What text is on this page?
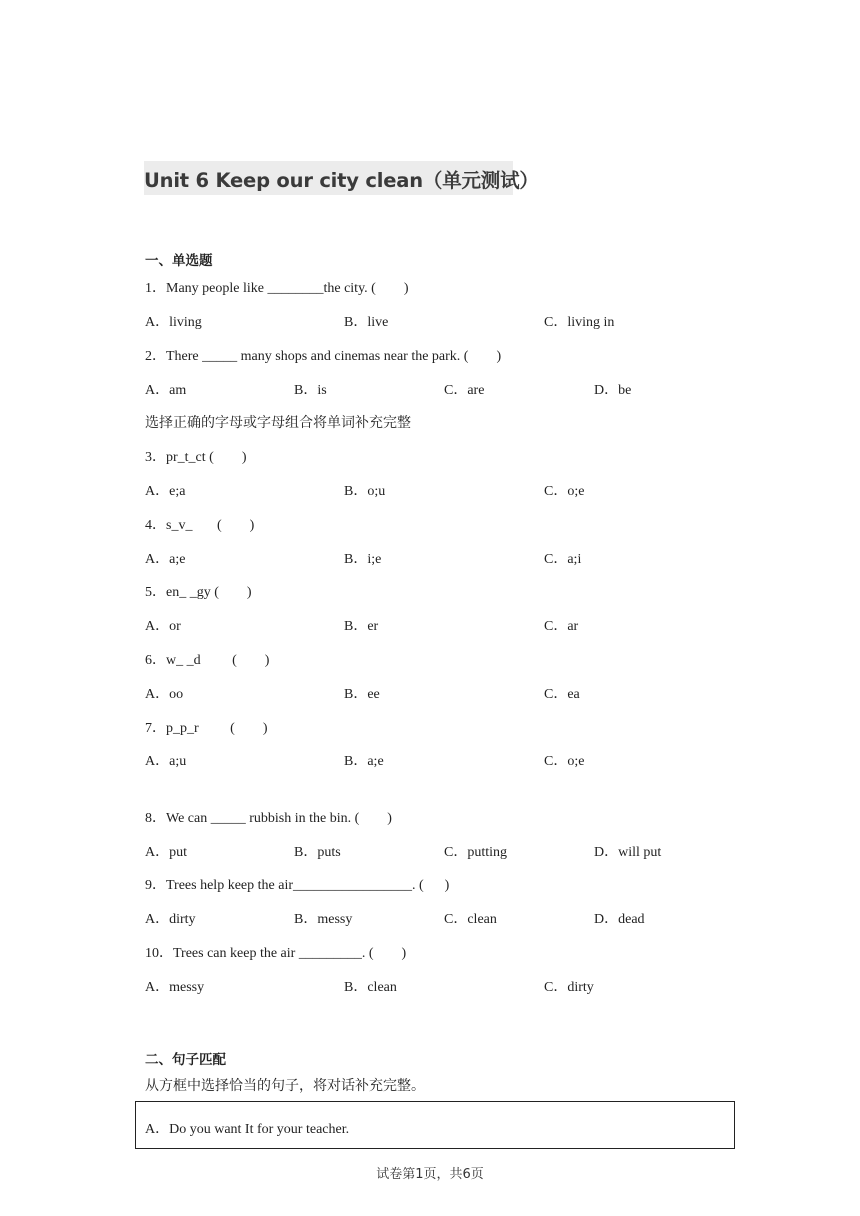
Unit 6 Keep our city clean（单元测试）
一、单选题
1．Many people like ________the city. (        )
A．living	B．live	C．living in
2．There _____ many shops and cinemas near the park. (        )
A．am	B．is	C．are	D．be
选择正确的字母或字母组合将单词补充完整
3．pr_t_ct (        )
A．e;a	B．o;u	C．o;e
4．s_v_       (        )
A．a;e	B．i;e	C．a;i
5．en_ _gy (        )
A．or	B．er	C．ar
6．w_ _d         (        )
A．oo	B．ee	C．ea
7．p_p_r         (        )
A．a;u	B．a;e	C．o;e
8．We can _____ rubbish in the bin. (        )
A．put	B．puts	C．putting	D．will put
9．Trees help keep the air_________________. (      )
A．dirty	B．messy	C．clean	D．dead
10．Trees can keep the air _________. (        )
A．messy	B．clean	C．dirty
二、句子匹配
从方框中选择恰当的句子，将对话补充完整。
A．Do you want It for your teacher.
试卷第1页，共6页
